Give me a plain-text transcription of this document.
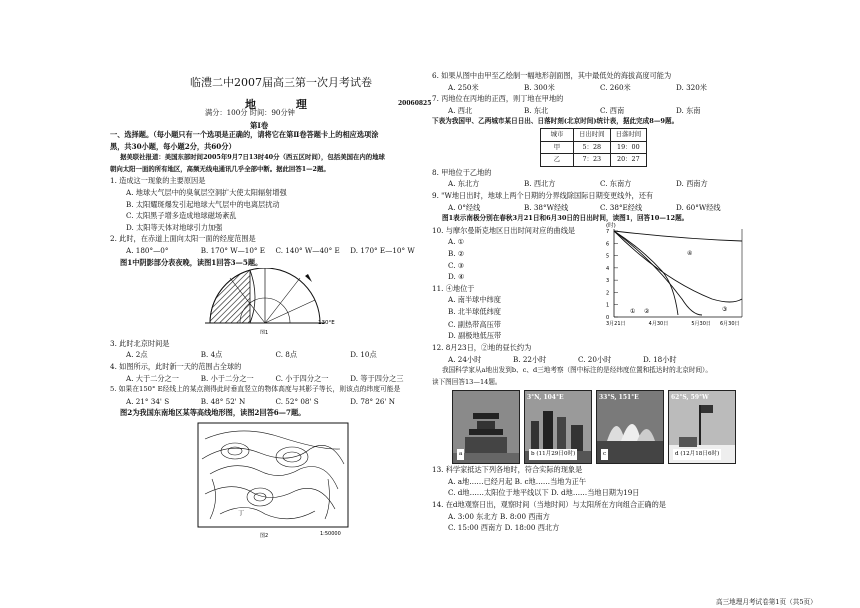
临澧二中2007届高三第一次月考试卷
地 理	20060825
满分：100分 时间：90分钟
第Ⅰ卷
一、选择题。（每小题只有一个选项是正确的，请将它在第Ⅱ卷答题卡上的相应选项涂
黑，共30小题，每小题2分，共60分）
据美联社报道：美国东部时间2005年9月7日13时40分（西五区时间），包括美国在内的地球
朝向太阳一面的所有地区，高频无线电通讯几乎全部中断。据此回答1—2题。
1. 造成这一现象的主要原因是
A. 地球大气层中的臭氧层空洞扩大使太阳辐射增强
B. 太阳耀斑爆发引起地球大气层中的电离层扰动
C. 太阳黑子增多造成地球磁场紊乱
D. 太阳等天体对地球引力加强
2. 此时，在赤道上面向太阳一面的经度范围是
A. 180°—0°	B. 170° W—10° E	C. 140° W—40° E	D. 170° E—10° W
图1中阴影部分表夜晚，读图1回答3—5题。
130°E
图1
3. 此时北京时间是
A. 2点	B. 4点	C. 8点	D. 10点
4. 如图所示，此时新一天的范围占全球的
A. 大于二分之一	B. 小于二分之一	C. 小于四分之一	D. 等于四分之三
5. 如果在150° E经线上的某点测得此时垂直竖立的物体高度与其影子等长，则该点的纬度可能是
A. 21° 34' S	B. 48° 52' N	C. 52° 08' S	D. 78° 26' N
图2为我国东南地区某等高线地形图，读图2回答6—7题。
丁
1:50000
图2
6. 如果从图中由甲至乙绘制一幅地形剖面图，其中最低处的海拔高度可能为
A. 250米	B. 300米	C. 260米	D. 320米
7. 丙地位在丙地的正西，则丁地在甲地的
A. 西北	B. 东北	C. 西南	D. 东南
下表为我国甲、乙两城市某日日出、日落时刻(北京时间)统计表，据此完成8—9题。
城市	日出时间	日落时间
甲	5：28	19：00
乙	7：23	20：27
8. 甲地位于乙地的
A. 东北方	B. 西北方	C. 东南方	D. 西南方
9. "W地日出时，地球上两个日期的分界线除国际日期变更线外，还有
A. 0°经线	B. 38°W经线	C. 38°E经线	D. 60°W经线
图1表示南极分别在春秋3月21日和6月30日的日出时间，读图1，回答10—12题。
10. 与摩尔曼斯克地区日出时间对应的曲线是
A. ①
B. ②
C. ③
D. ④
11. ④地位于
A. 南半球中纬度
B. 北半球低纬度
(时)
0
1
2
3
4
5
6
7
① ②	③
④
3月21日	4月30日	5月30日 6月30日
C. 副热带高压带
D. 副极地低压带
12. 8月23日，②地的昼长约为
A. 24小时	B. 22小时	C. 20小时	D. 18小时
我国科学家从a地出发到b、c、d三地考察（图中标注的是经纬度位置和抵达时的北京时间）。
读下图回答13—14题。
a
3°N, 104°E
b (11月29日0时)
33°S, 151°E
c
62°S, 59°W
d (12月18日6时)
13. 科学家抵达下列各地时，符合实际的现象是
A. a地……已经月起 B. c地……当地为正午
C. d地……太阳位于地平线以下 D. d地……当地日期为19日
14. 在d地观察日出，观察时间（当地时间）与太阳所在方向组合正确的是
A. 3:00 东北方 B. 8:00 西南方
C. 15:00 西南方 D. 18:00 西北方
高三地理月考试卷第1页（共5页）
